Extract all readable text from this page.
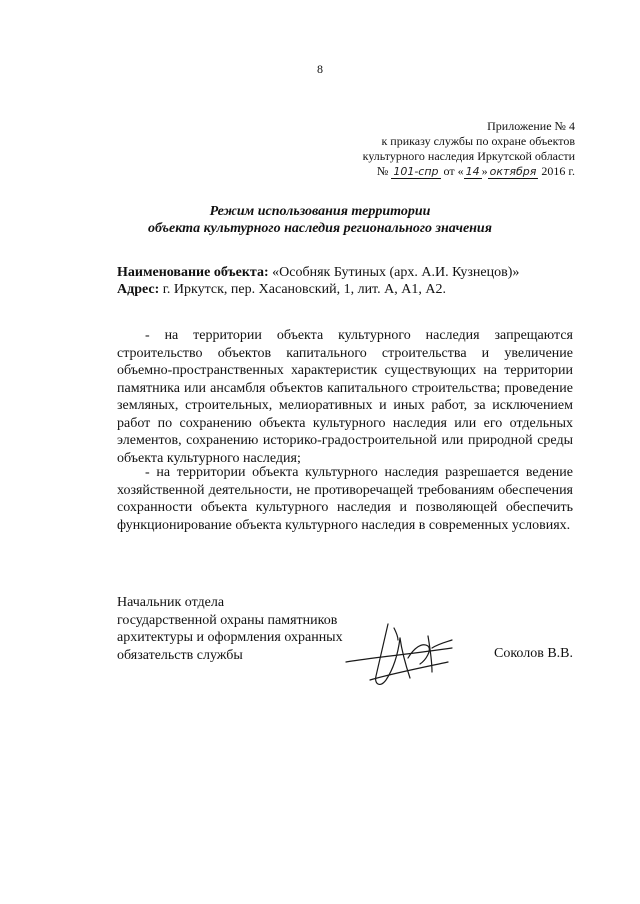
8
Приложение № 4
к приказу службы по охране объектов
культурного наследия Иркутской области
№ 101-спр от « 14 » октября 2016 г.
Режим использования территории
объекта культурного наследия регионального значения
Наименование объекта: «Особняк Бутиных (арх. А.И. Кузнецов)»
Адрес: г. Иркутск, пер. Хасановский, 1, лит. А, А1, А2.
- на территории объекта культурного наследия запрещаются строительство объектов капитального строительства и увеличение объемно-пространственных характеристик существующих на территории памятника или ансамбля объектов капитального строительства; проведение земляных, строительных, мелиоративных и иных работ, за исключением работ по сохранению объекта культурного наследия или его отдельных элементов, сохранению историко-градостроительной или природной среды объекта культурного наследия;
- на территории объекта культурного наследия разрешается ведение хозяйственной деятельности, не противоречащей требованиям обеспечения сохранности объекта культурного наследия и позволяющей обеспечить функционирование объекта культурного наследия в современных условиях.
Начальник отдела
государственной охраны памятников
архитектуры и оформления охранных
обязательств службы	Соколов В.В.
